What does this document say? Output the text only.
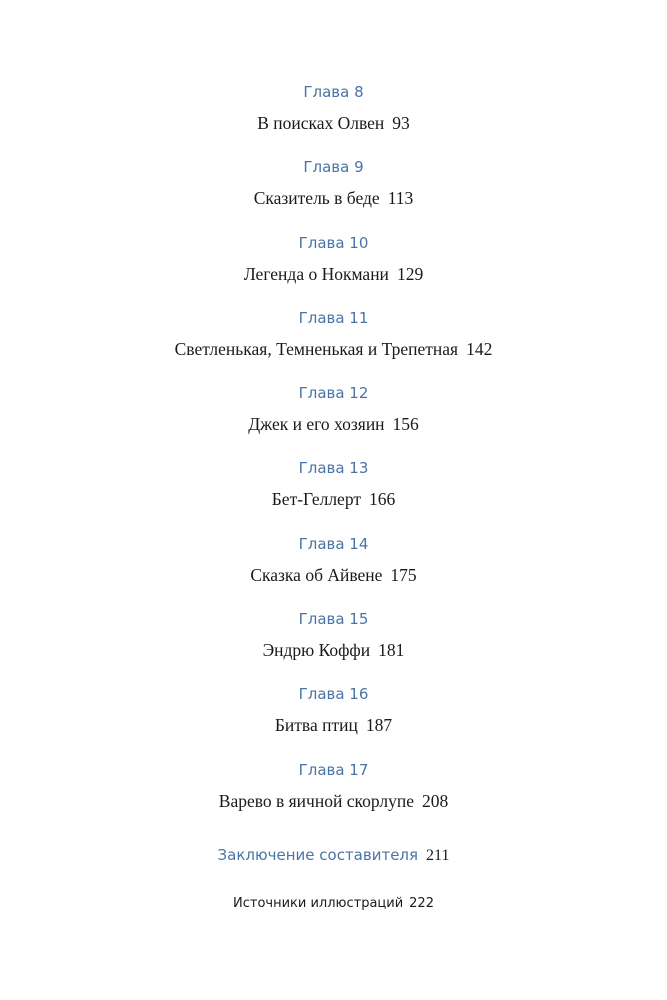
Глава 8
В поисках Олвен 93
Глава 9
Сказитель в беде 113
Глава 10
Легенда о Нокмани 129
Глава 11
Светленькая, Темненькая и Трепетная 142
Глава 12
Джек и его хозяин 156
Глава 13
Бет-Геллерт 166
Глава 14
Сказка об Айвене 175
Глава 15
Эндрю Коффи 181
Глава 16
Битва птиц 187
Глава 17
Варево в яичной скорлупе 208
Заключение составителя 211
Источники иллюстраций 222
